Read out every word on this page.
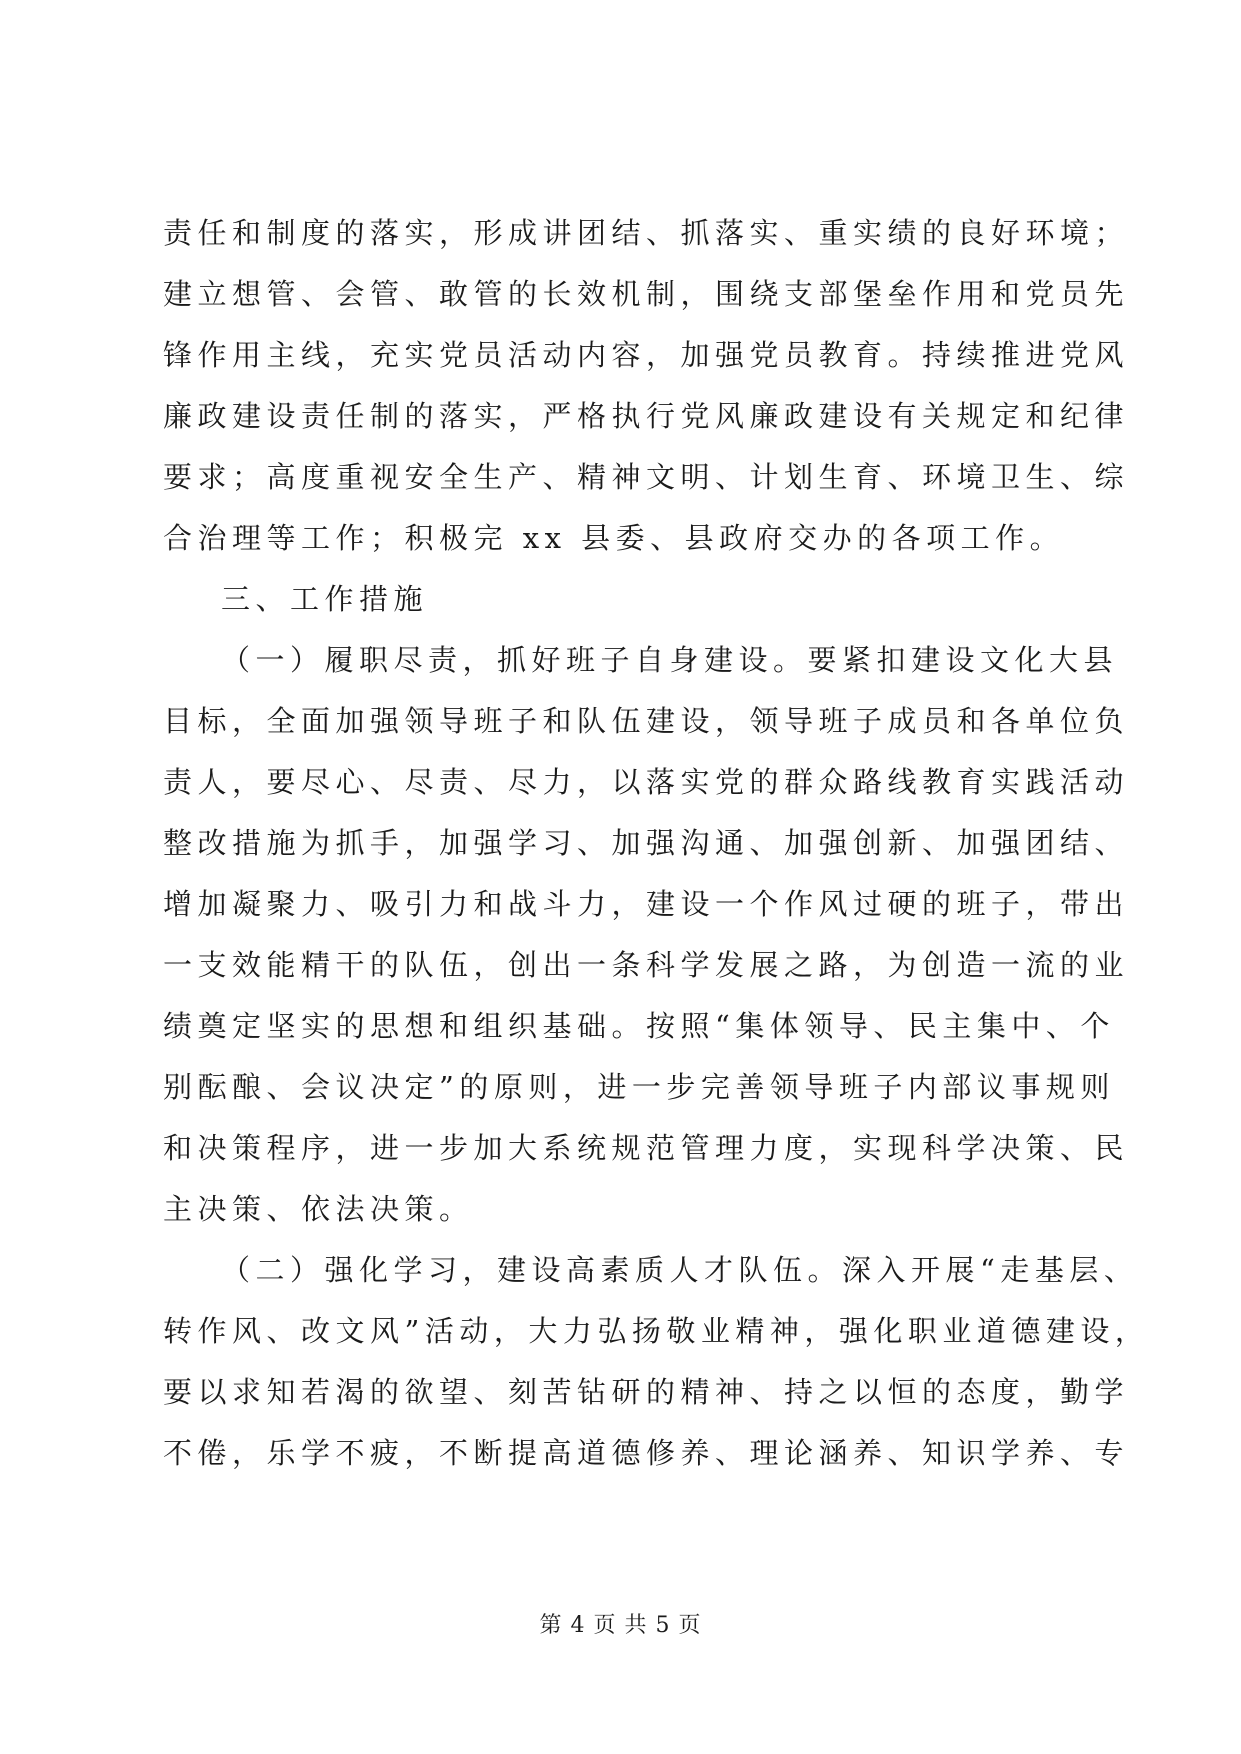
责任和制度的落实，形成讲团结、抓落实、重实绩的良好环境；
建立想管、会管、敢管的长效机制，围绕支部堡垒作用和党员先
锋作用主线，充实党员活动内容，加强党员教育。持续推进党风
廉政建设责任制的落实，严格执行党风廉政建设有关规定和纪律
要求；高度重视安全生产、精神文明、计划生育、环境卫生、综
合治理等工作；积极完 xx 县委、县政府交办的各项工作。
三、工作措施
（一）履职尽责，抓好班子自身建设。要紧扣建设文化大县
目标，全面加强领导班子和队伍建设，领导班子成员和各单位负
责人，要尽心、尽责、尽力，以落实党的群众路线教育实践活动
整改措施为抓手，加强学习、加强沟通、加强创新、加强团结、
增加凝聚力、吸引力和战斗力，建设一个作风过硬的班子，带出
一支效能精干的队伍，创出一条科学发展之路，为创造一流的业
绩奠定坚实的思想和组织基础。按照“集体领导、民主集中、个
别酝酿、会议决定”的原则，进一步完善领导班子内部议事规则
和决策程序，进一步加大系统规范管理力度，实现科学决策、民
主决策、依法决策。
（二）强化学习，建设高素质人才队伍。深入开展“走基层、
转作风、改文风”活动，大力弘扬敬业精神，强化职业道德建设，
要以求知若渴的欲望、刻苦钻研的精神、持之以恒的态度，勤学
不倦，乐学不疲，不断提高道德修养、理论涵养、知识学养、专
第 4 页 共 5 页
